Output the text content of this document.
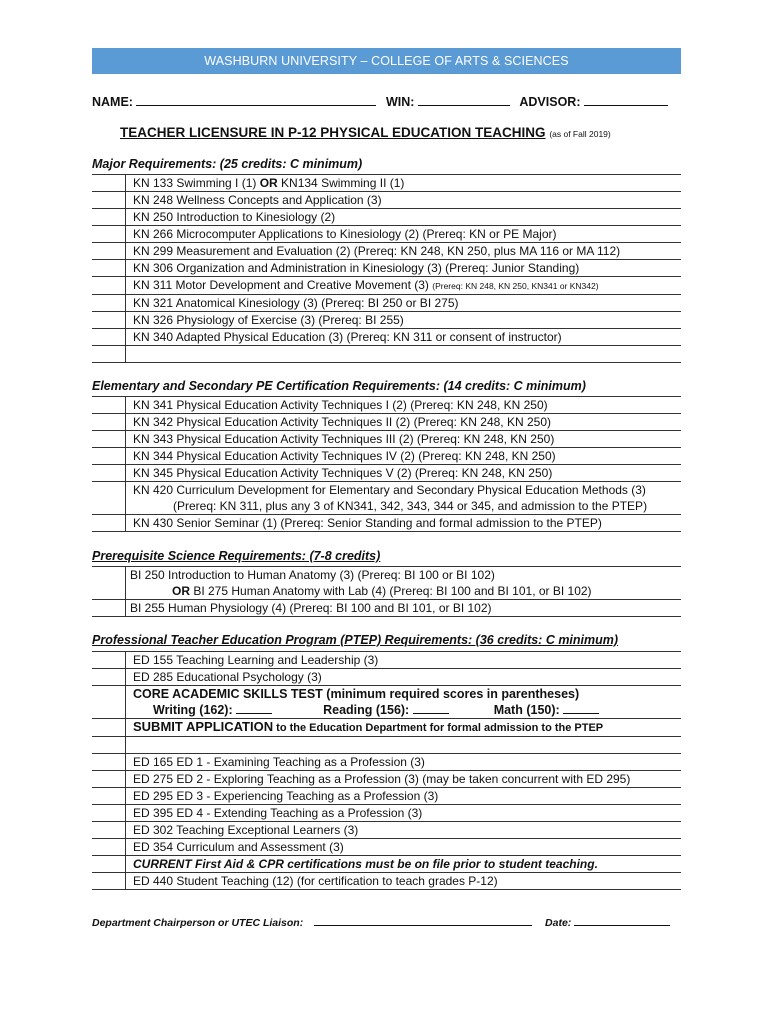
WASHBURN UNIVERSITY – COLLEGE OF ARTS & SCIENCES
NAME:	WIN:	ADVISOR:
TEACHER LICENSURE IN P-12 PHYSICAL EDUCATION TEACHING (as of Fall 2019)
Major Requirements: (25 credits: C minimum)
	KN 133 Swimming I (1) OR KN134 Swimming II (1)
	KN 248 Wellness Concepts and Application (3)
	KN 250 Introduction to Kinesiology (2)
	KN 266 Microcomputer Applications to Kinesiology (2) (Prereq: KN or PE Major)
	KN 299 Measurement and Evaluation (2) (Prereq: KN 248, KN 250, plus MA 116 or MA 112)
	KN 306 Organization and Administration in Kinesiology (3) (Prereq: Junior Standing)
	KN 311 Motor Development and Creative Movement (3) (Prereq: KN 248, KN 250, KN341 or KN342)
	KN 321 Anatomical Kinesiology (3) (Prereq: BI 250 or BI 275)
	KN 326 Physiology of Exercise (3) (Prereq: BI 255)
	KN 340 Adapted Physical Education (3) (Prereq: KN 311 or consent of instructor)

Elementary and Secondary PE Certification Requirements: (14 credits: C minimum)
	KN 341 Physical Education Activity Techniques I (2) (Prereq: KN 248, KN 250)
	KN 342 Physical Education Activity Techniques II (2) (Prereq: KN 248, KN 250)
	KN 343 Physical Education Activity Techniques III (2) (Prereq: KN 248, KN 250)
	KN 344 Physical Education Activity Techniques IV (2) (Prereq: KN 248, KN 250)
	KN 345 Physical Education Activity Techniques V (2) (Prereq: KN 248, KN 250)

	KN 420 Curriculum Development for Elementary and Secondary Physical Education Methods (3)
(Prereq: KN 311, plus any 3 of KN341, 342, 343, 344 or 345, and admission to the PTEP)

	KN 430 Senior Seminar (1) (Prereq: Senior Standing and formal admission to the PTEP)
Prerequisite Science Requirements: (7-8 credits)

	BI 250 Introduction to Human Anatomy (3) (Prereq: BI 100 or BI 102)
OR BI 275 Human Anatomy with Lab (4) (Prereq: BI 100 and BI 101, or BI 102)

	BI 255 Human Physiology (4) (Prereq: BI 100 and BI 101, or BI 102)
Professional Teacher Education Program (PTEP) Requirements: (36 credits: C minimum)
	ED 155 Teaching Learning and Leadership (3)
	ED 285 Educational Psychology (3)

	CORE ACADEMIC SKILLS TEST (minimum required scores in parentheses)
Writing (162): Reading (156): Math (150):

	SUBMIT APPLICATION to the Education Department for formal admission to the PTEP

	ED 165 ED 1 - Examining Teaching as a Profession (3)
	ED 275 ED 2 - Exploring Teaching as a Profession (3) (may be taken concurrent with ED 295)
	ED 295 ED 3 - Experiencing Teaching as a Profession (3)
	ED 395 ED 4 - Extending Teaching as a Profession (3)
	ED 302 Teaching Exceptional Learners (3)
	ED 354 Curriculum and Assessment (3)
	CURRENT First Aid & CPR certifications must be on file prior to student teaching.
	ED 440 Student Teaching (12) (for certification to teach grades P-12)
Department Chairperson or UTEC Liaison:	Date:
